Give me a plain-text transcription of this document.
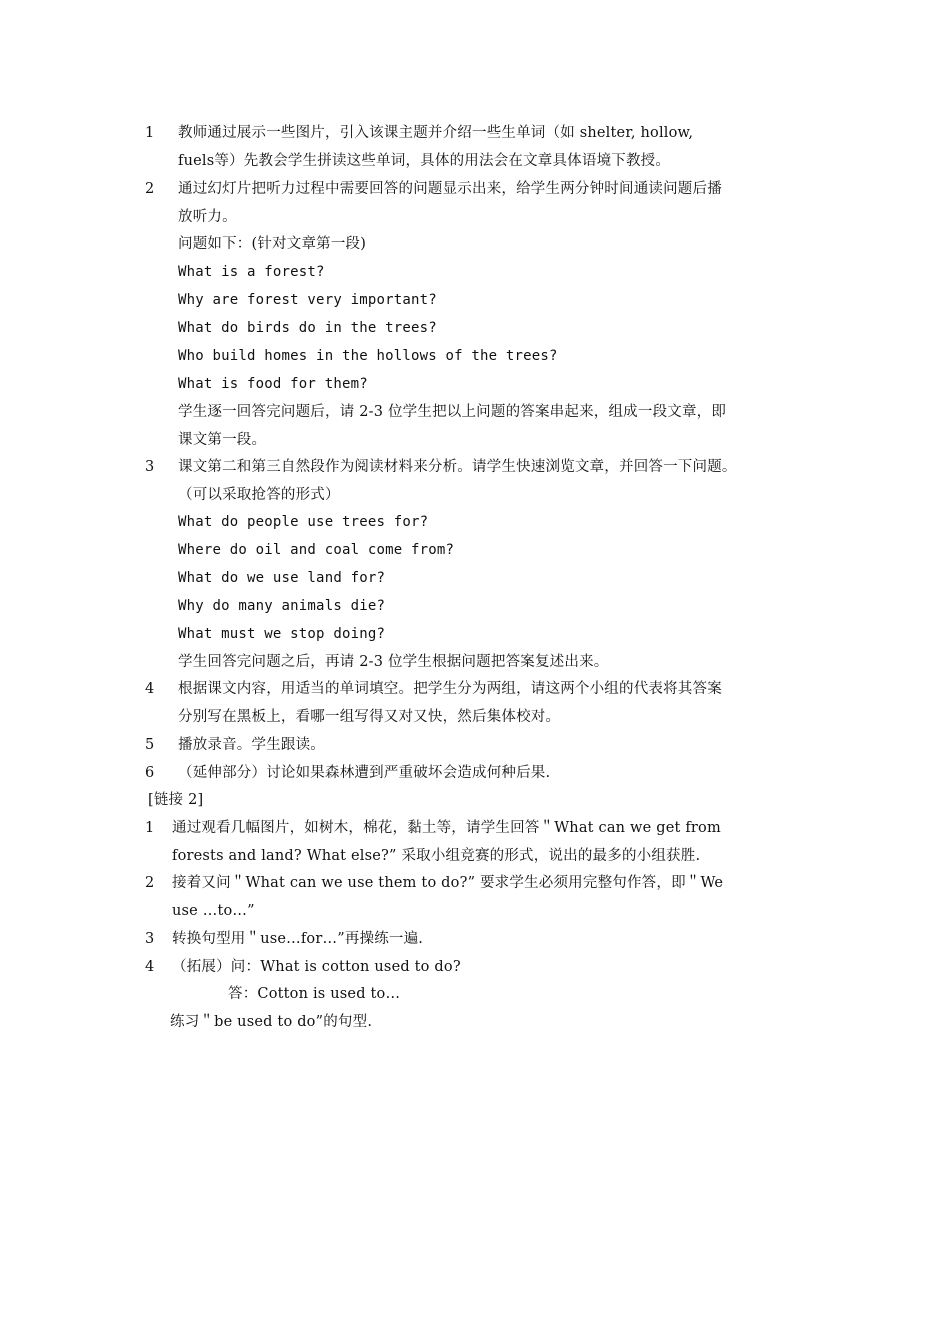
1 教师通过展示一些图片，引入该课主题并介绍一些生单词（如 shelter, hollow,
fuels等）先教会学生拼读这些单词，具体的用法会在文章具体语境下教授。
2 通过幻灯片把听力过程中需要回答的问题显示出来，给学生两分钟时间通读问题后播
放听力。
问题如下：(针对文章第一段)
What is a forest?
Why are forest very important?
What do birds do in the trees?
Who build homes in the hollows of the trees?
What is food for them?
学生逐一回答完问题后，请 2-3 位学生把以上问题的答案串起来，组成一段文章，即
课文第一段。
3 课文第二和第三自然段作为阅读材料来分析。请学生快速浏览文章，并回答一下问题。
（可以采取抢答的形式）
What do people use trees for?
Where do oil and coal come from?
What do we use land for?
Why do many animals die?
What must we stop doing?
学生回答完问题之后，再请 2-3 位学生根据问题把答案复述出来。
4 根据课文内容，用适当的单词填空。把学生分为两组，请这两个小组的代表将其答案
分别写在黑板上，看哪一组写得又对又快，然后集体校对。
5 播放录音。学生跟读。
6 （延伸部分）讨论如果森林遭到严重破坏会造成何种后果.
[链接 2]
1 通过观看几幅图片，如树木，棉花，黏土等，请学生回答＂What can we get from
forests and land? What else?” 采取小组竞赛的形式，说出的最多的小组获胜.
2 接着又问＂What can we use them to do?” 要求学生必须用完整句作答，即＂We
use …to…”
3 转换句型用＂use…for…”再操练一遍.
4 （拓展）问：What is cotton used to do?
答：Cotton is used to…
练习＂be used to do”的句型.
